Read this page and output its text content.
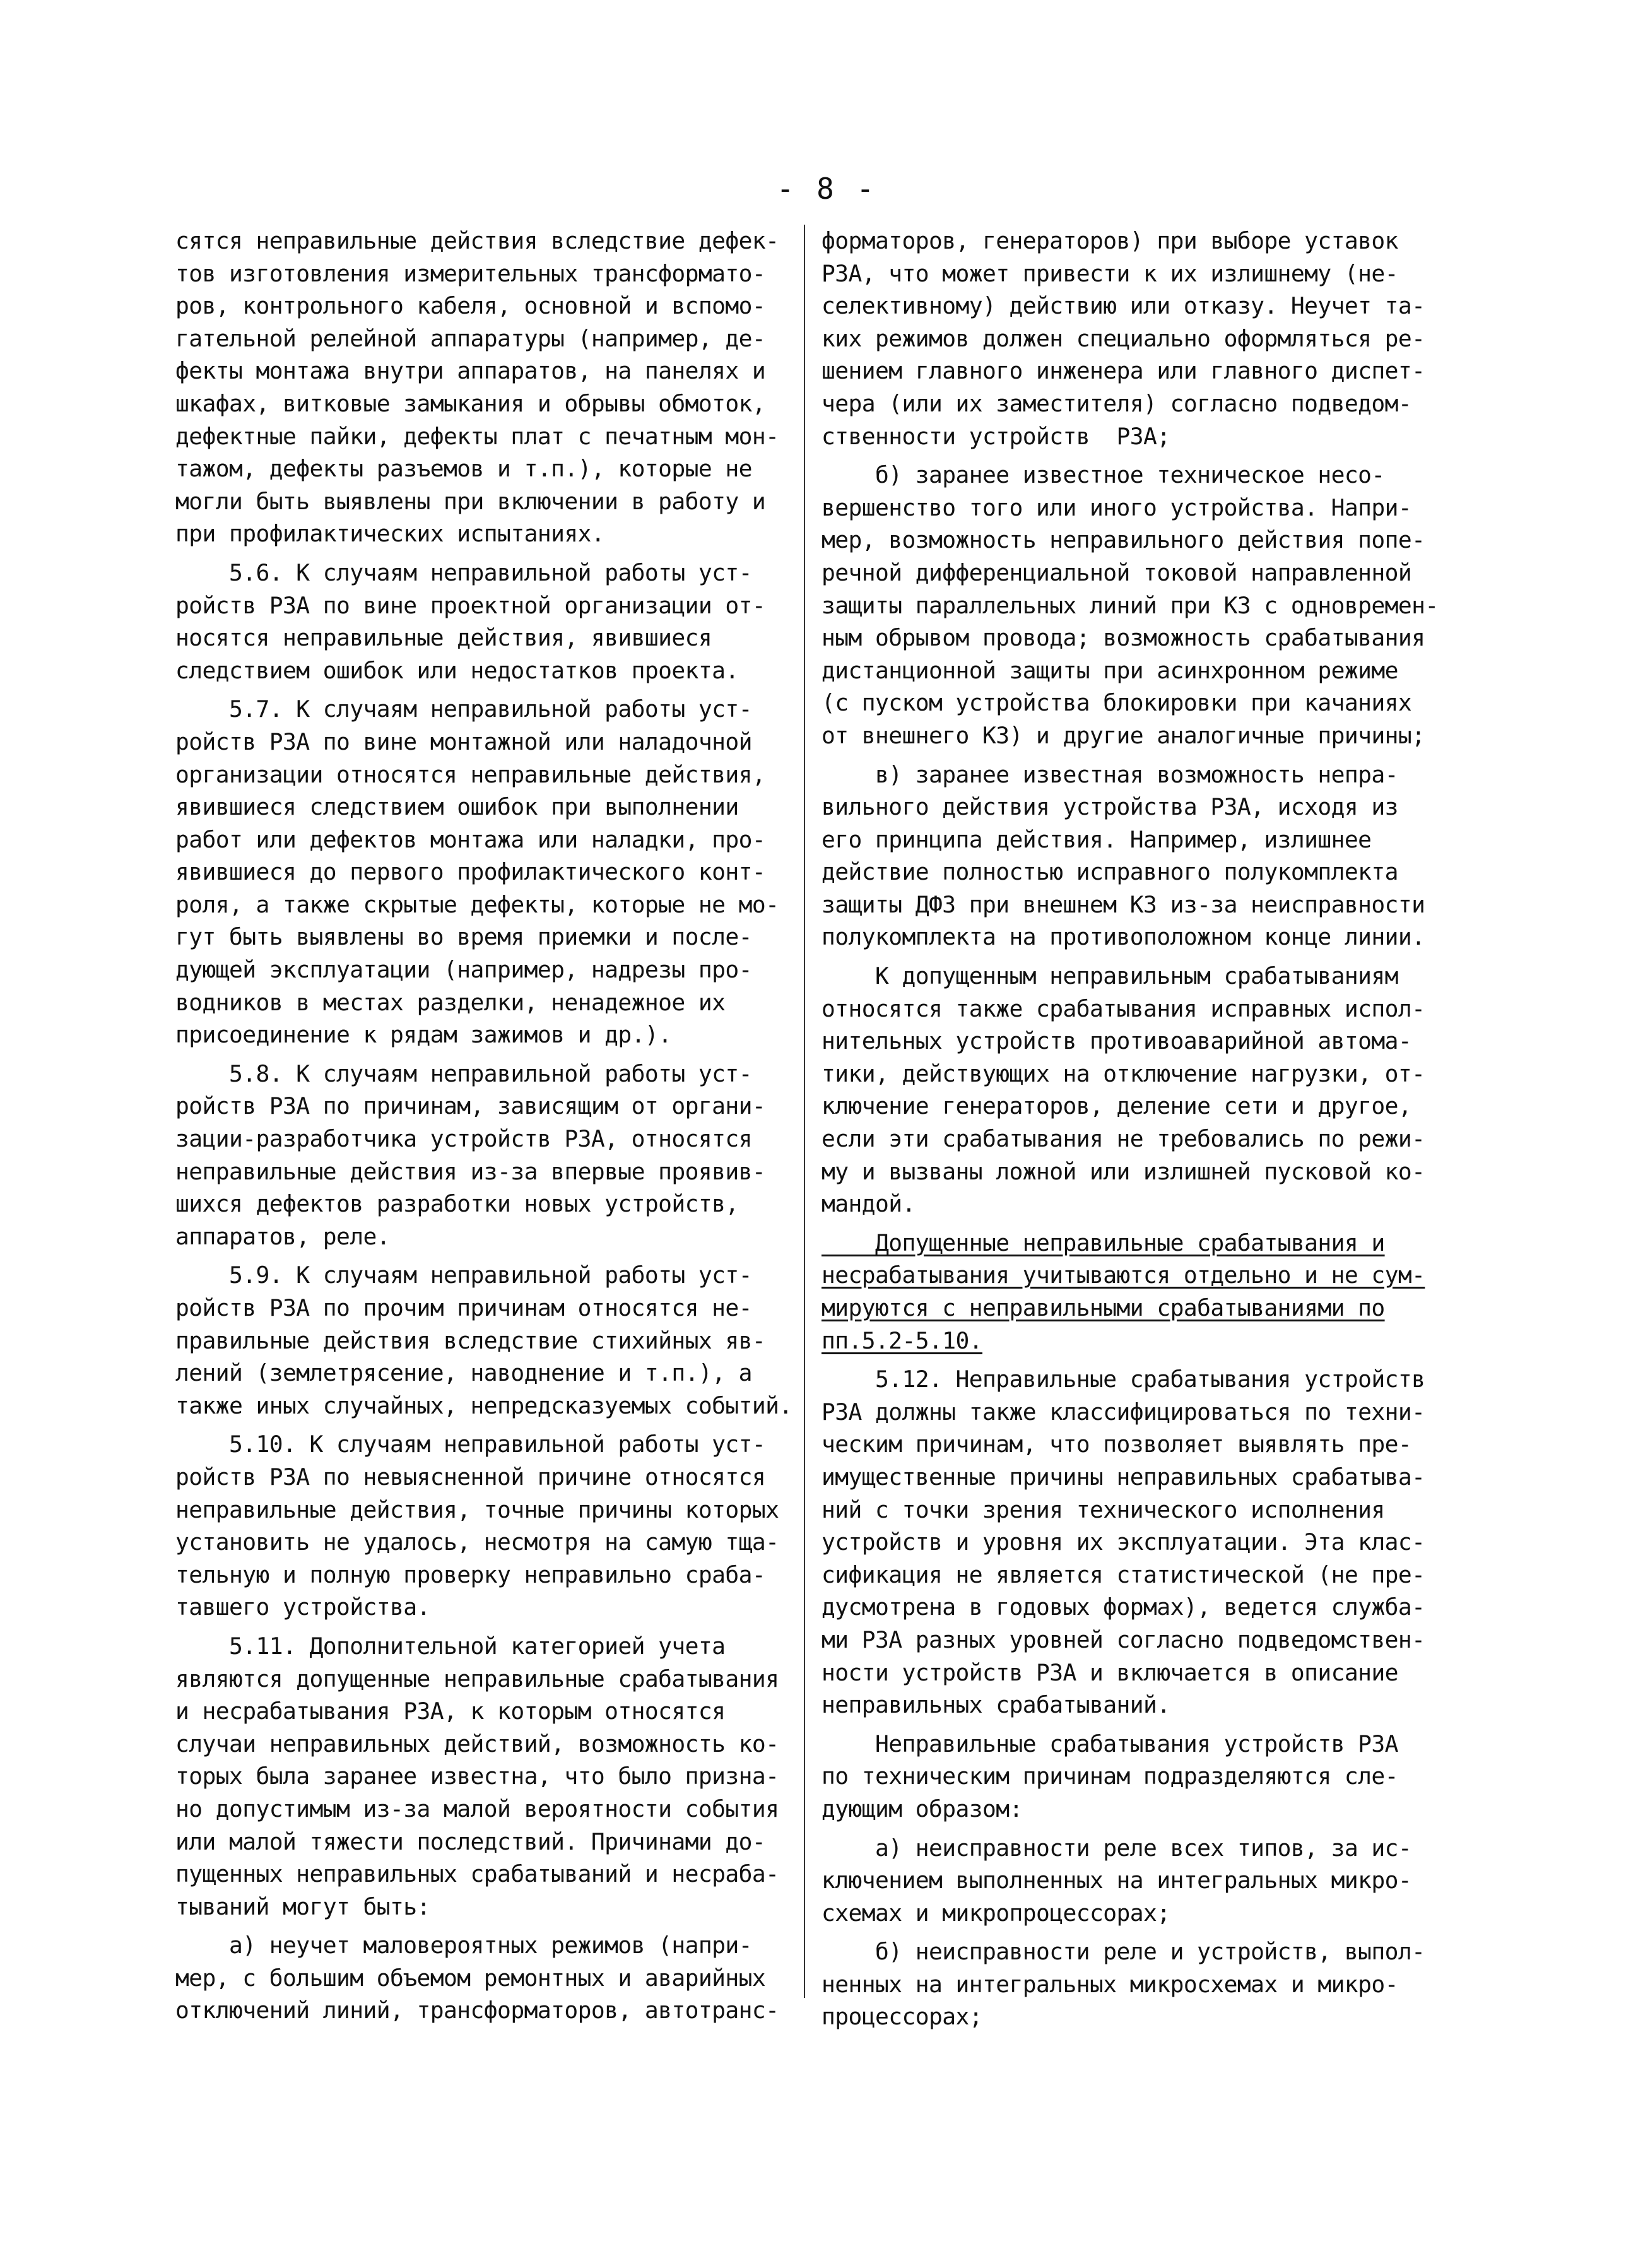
- 8 -
сятся неправильные действия вследствие дефек-
тов изготовления измерительных трансформато-
ров, контрольного кабеля, основной и вспомо-
гательной релейной аппаратуры (например, де-
фекты монтажа внутри аппаратов, на панелях и
шкафах, витковые замыкания и обрывы обмоток,
дефектные пайки, дефекты плат с печатным мон-
тажом, дефекты разъемов и т.п.), которые не
могли быть выявлены при включении в работу и
при профилактических испытаниях.
5.6. К случаям неправильной работы уст-
ройств РЗА по вине проектной организации от-
носятся неправильные действия, явившиеся
следствием ошибок или недостатков проекта.
5.7. К случаям неправильной работы уст-
ройств РЗА по вине монтажной или наладочной
организации относятся неправильные действия,
явившиеся следствием ошибок при выполнении
работ или дефектов монтажа или наладки, про-
явившиеся до первого профилактического конт-
роля, а также скрытые дефекты, которые не мо-
гут быть выявлены во время приемки и после-
дующей эксплуатации (например, надрезы про-
водников в местах разделки, ненадежное их
присоединение к рядам зажимов и др.).
5.8. К случаям неправильной работы уст-
ройств РЗА по причинам, зависящим от органи-
зации-разработчика устройств РЗА, относятся
неправильные действия из-за впервые проявив-
шихся дефектов разработки новых устройств,
аппаратов, реле.
5.9. К случаям неправильной работы уст-
ройств РЗА по прочим причинам относятся не-
правильные действия вследствие стихийных яв-
лений (землетрясение, наводнение и т.п.), а
также иных случайных, непредсказуемых событий.
5.10. К случаям неправильной работы уст-
ройств РЗА по невыясненной причине относятся
неправильные действия, точные причины которых
установить не удалось, несмотря на самую тща-
тельную и полную проверку неправильно сраба-
тавшего устройства.
5.11. Дополнительной категорией учета
являются допущенные неправильные срабатывания
и несрабатывания РЗА, к которым относятся
случаи неправильных действий, возможность ко-
торых была заранее известна, что было призна-
но допустимым из-за малой вероятности события
или малой тяжести последствий. Причинами до-
пущенных неправильных срабатываний и несраба-
тываний могут быть:
а) неучет маловероятных режимов (напри-
мер, с большим объемом ремонтных и аварийных
отключений линий, трансформаторов, автотранс-
форматоров, генераторов) при выборе уставок
РЗА, что может привести к их излишнему (не-
селективному) действию или отказу. Неучет та-
ких режимов должен специально оформляться ре-
шением главного инженера или главного диспет-
чера (или их заместителя) согласно подведом-
ственности устройств  РЗА;
б) заранее известное техническое несо-
вершенство того или иного устройства. Напри-
мер, возможность неправильного действия попе-
речной дифференциальной токовой направленной
защиты параллельных линий при КЗ с одновремен-
ным обрывом провода; возможность срабатывания
дистанционной защиты при асинхронном режиме
(с пуском устройства блокировки при качаниях
от внешнего КЗ) и другие аналогичные причины;
в) заранее известная возможность непра-
вильного действия устройства РЗА, исходя из
его принципа действия. Например, излишнее
действие полностью исправного полукомплекта
защиты ДФЗ при внешнем КЗ из-за неисправности
полукомплекта на противоположном конце линии.
К допущенным неправильным срабатываниям
относятся также срабатывания исправных испол-
нительных устройств противоаварийной автома-
тики, действующих на отключение нагрузки, от-
ключение генераторов, деление сети и другое,
если эти срабатывания не требовались по режи-
му и вызваны ложной или излишней пусковой ко-
мандой.
Допущенные неправильные срабатывания и
несрабатывания учитываются отдельно и не сум-
мируются с неправильными срабатываниями по
пп.5.2-5.10.
5.12. Неправильные срабатывания устройств
РЗА должны также классифицироваться по техни-
ческим причинам, что позволяет выявлять пре-
имущественные причины неправильных срабатыва-
ний с точки зрения технического исполнения
устройств и уровня их эксплуатации. Эта клас-
сификация не является статистической (не пре-
дусмотрена в годовых формах), ведется службa-
ми РЗА разных уровней согласно подведомствен-
ности устройств РЗА и включается в описание
неправильных срабатываний.
Неправильные срабатывания устройств РЗА
по техническим причинам подразделяются сле-
дующим образом:
а) неисправности реле всех типов, за ис-
ключением выполненных на интегральных микро-
схемах и микропроцессорах;
б) неисправности реле и устройств, выпол-
ненных на интегральных микросхемах и микро-
процессорах;
